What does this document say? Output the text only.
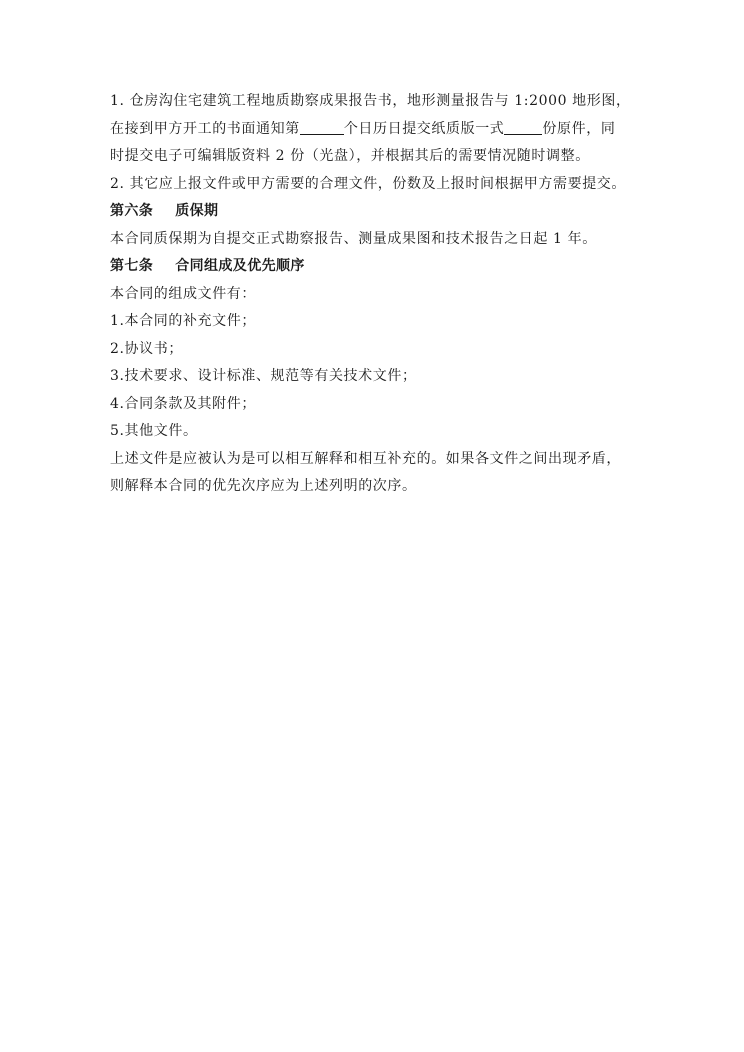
1. 仓房沟住宅建筑工程地质勘察成果报告书，地形测量报告与 1:2000 地形图，
在接到甲方开工的书面通知第	个日历日提交纸质版一式	份原件，同
时提交电子可编辑版资料 2 份（光盘），并根据其后的需要情况随时调整。
2. 其它应上报文件或甲方需要的合理文件，份数及上报时间根据甲方需要提交。
第六条 质保期
本合同质保期为自提交正式勘察报告、测量成果图和技术报告之日起 1 年。
第七条 合同组成及优先顺序
本合同的组成文件有：
1.本合同的补充文件；
2.协议书；
3.技术要求、设计标准、规范等有关技术文件；
4.合同条款及其附件；
5.其他文件。
上述文件是应被认为是可以相互解释和相互补充的。如果各文件之间出现矛盾，
则解释本合同的优先次序应为上述列明的次序。
